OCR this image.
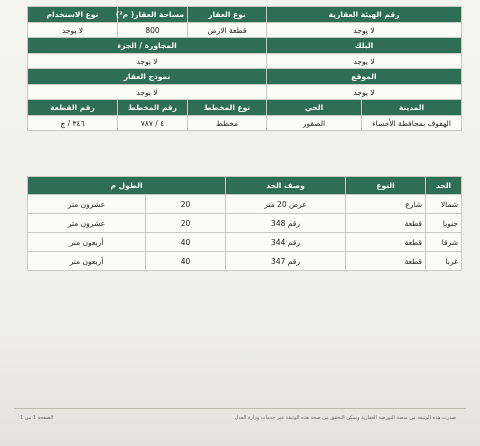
رقم الهيئة العقارية		نوع العقار	مساحة العقار( م²)	نوع الاستخدام
لا يوجد		قطعة الارض	800	لا يوجد
البلك		المجاورة / الجزء		
لا يوجد		لا يوجد		
الموقع		نموذج العقار		
لا يوجد		لا يوجد		
المدينة	الحي	نوع المخطط	رقم المخطط	رقم القطعة
الهفوف بمحافظة الأحساء	الصقور	مخطط	٤ / ٧٨٧	٣٤٦ / ج
الحد	النوع	وصف الحد	الطول م	
شمالا	شارع	عرض 20 متر	20	عشرون متر
جنوبا	قطعة	رقم 348	20	عشرون متر
شرقا	قطعة	رقم 344	40	أربعون متر
غربا	قطعة	رقم 347	40	أربعون متر
صدرت هذه الوثيقة من منصة البورصة العقارية ويمكن التحقق من صحة هذه الوثيقة عبر خدمات وزارة العدل
الصفحة 1 من 1
